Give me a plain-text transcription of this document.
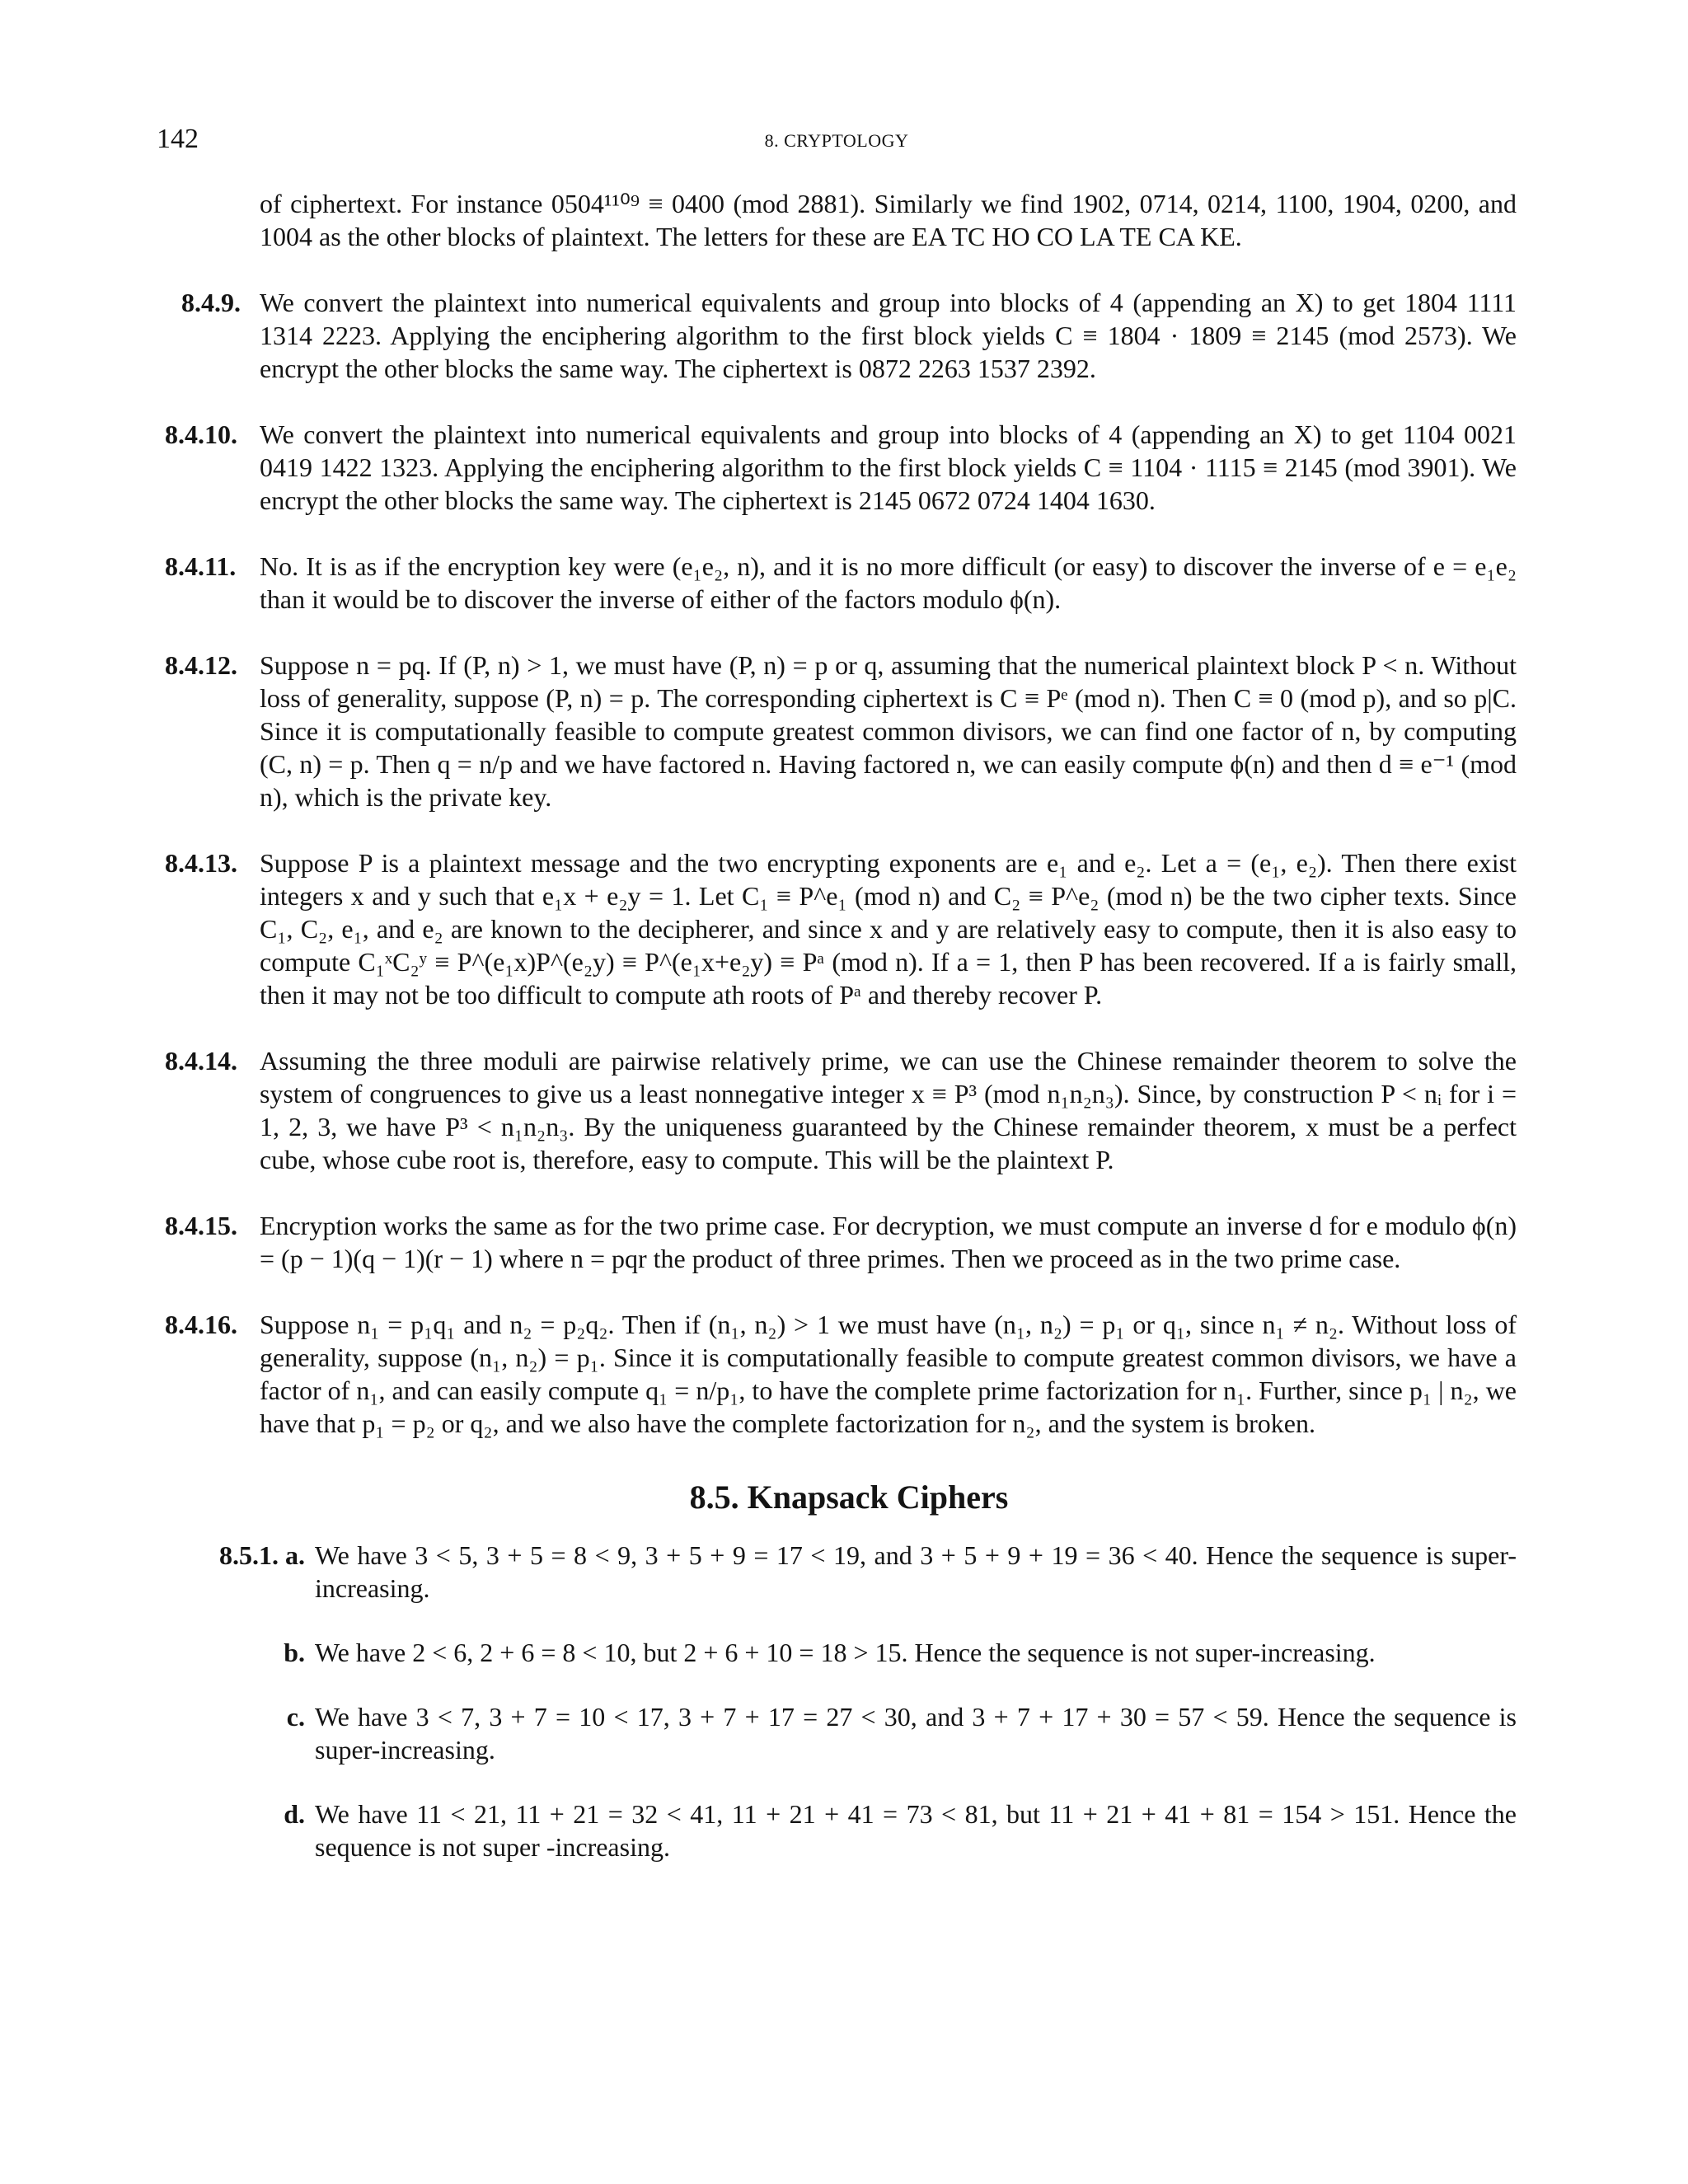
142	8. CRYPTOLOGY
of ciphertext. For instance 0504¹¹⁰⁹ ≡ 0400 (mod 2881). Similarly we find 1902, 0714, 0214, 1100, 1904, 0200, and 1004 as the other blocks of plaintext. The letters for these are EA TC HO CO LA TE CA KE.
8.4.9. We convert the plaintext into numerical equivalents and group into blocks of 4 (appending an X) to get 1804 1111 1314 2223. Applying the enciphering algorithm to the first block yields C ≡ 1804 · 1809 ≡ 2145 (mod 2573). We encrypt the other blocks the same way. The ciphertext is 0872 2263 1537 2392.
8.4.10. We convert the plaintext into numerical equivalents and group into blocks of 4 (appending an X) to get 1104 0021 0419 1422 1323. Applying the enciphering algorithm to the first block yields C ≡ 1104 · 1115 ≡ 2145 (mod 3901). We encrypt the other blocks the same way. The ciphertext is 2145 0672 0724 1404 1630.
8.4.11. No. It is as if the encryption key were (e₁e₂, n), and it is no more difficult (or easy) to discover the inverse of e = e₁e₂ than it would be to discover the inverse of either of the factors modulo ϕ(n).
8.4.12. Suppose n = pq. If (P, n) > 1, we must have (P, n) = p or q, assuming that the numerical plaintext block P < n. Without loss of generality, suppose (P, n) = p. The corresponding ciphertext is C ≡ Pᵉ (mod n). Then C ≡ 0 (mod p), and so p|C. Since it is computationally feasible to compute greatest common divisors, we can find one factor of n, by computing (C, n) = p. Then q = n/p and we have factored n. Having factored n, we can easily compute ϕ(n) and then d ≡ e⁻¹ (mod n), which is the private key.
8.4.13. Suppose P is a plaintext message and the two encrypting exponents are e₁ and e₂. Let a = (e₁, e₂). Then there exist integers x and y such that e₁x + e₂y = 1. Let C₁ ≡ P^e₁ (mod n) and C₂ ≡ P^e₂ (mod n) be the two cipher texts. Since C₁, C₂, e₁, and e₂ are known to the decipherer, and since x and y are relatively easy to compute, then it is also easy to compute C₁ˣC₂ʸ ≡ P^(e₁x)P^(e₂y) ≡ P^(e₁x+e₂y) ≡ Pᵃ (mod n). If a = 1, then P has been recovered. If a is fairly small, then it may not be too difficult to compute ath roots of Pᵃ and thereby recover P.
8.4.14. Assuming the three moduli are pairwise relatively prime, we can use the Chinese remainder theorem to solve the system of congruences to give us a least nonnegative integer x ≡ P³ (mod n₁n₂n₃). Since, by construction P < nᵢ for i = 1, 2, 3, we have P³ < n₁n₂n₃. By the uniqueness guaranteed by the Chinese remainder theorem, x must be a perfect cube, whose cube root is, therefore, easy to compute. This will be the plaintext P.
8.4.15. Encryption works the same as for the two prime case. For decryption, we must compute an inverse d for e modulo ϕ(n) = (p − 1)(q − 1)(r − 1) where n = pqr the product of three primes. Then we proceed as in the two prime case.
8.4.16. Suppose n₁ = p₁q₁ and n₂ = p₂q₂. Then if (n₁, n₂) > 1 we must have (n₁, n₂) = p₁ or q₁, since n₁ ≠ n₂. Without loss of generality, suppose (n₁, n₂) = p₁. Since it is computationally feasible to compute greatest common divisors, we have a factor of n₁, and can easily compute q₁ = n/p₁, to have the complete prime factorization for n₁. Further, since p₁ | n₂, we have that p₁ = p₂ or q₂, and we also have the complete factorization for n₂, and the system is broken.
8.5. Knapsack Ciphers
8.5.1. a. We have 3 < 5, 3 + 5 = 8 < 9, 3 + 5 + 9 = 17 < 19, and 3 + 5 + 9 + 19 = 36 < 40. Hence the sequence is super-increasing.
b. We have 2 < 6, 2 + 6 = 8 < 10, but 2 + 6 + 10 = 18 > 15. Hence the sequence is not super-increasing.
c. We have 3 < 7, 3 + 7 = 10 < 17, 3 + 7 + 17 = 27 < 30, and 3 + 7 + 17 + 30 = 57 < 59. Hence the sequence is super-increasing.
d. We have 11 < 21, 11 + 21 = 32 < 41, 11 + 21 + 41 = 73 < 81, but 11 + 21 + 41 + 81 = 154 > 151. Hence the sequence is not super -increasing.
